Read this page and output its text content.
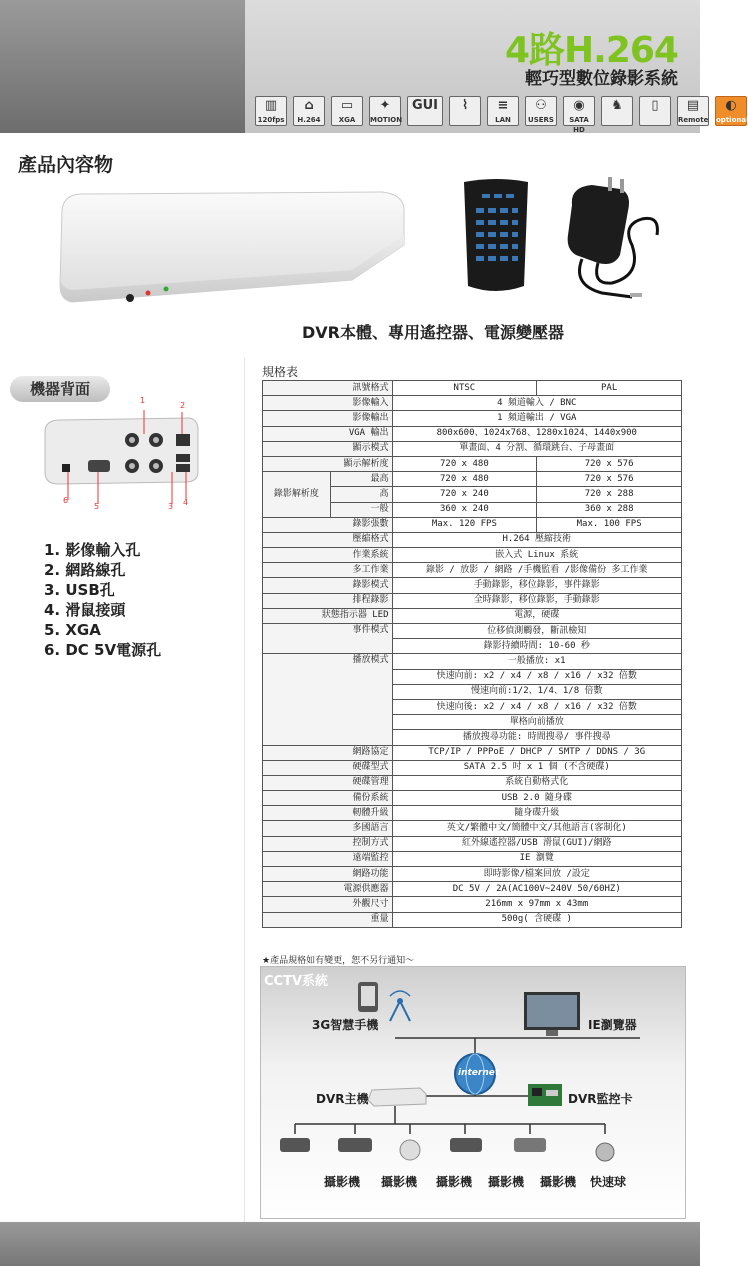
4路H.264
輕巧型數位錄影系統
▥
120fps
⌂
H.264
▭
XGA
✦
MOTION
GUI	⌇	≡
LAN
⚇
USERS
◉
SATA HD
♞	▯	▤
Remote
◐
optional
產品內容物
DVR本體、專用遙控器、電源變壓器
機器背面
1
2
6
5	3 4
1. 影像輸入孔
2. 網路線孔
3. USB孔
4. 滑鼠接頭
5. XGA
6. DC 5V電源孔
規格表
訊號格式		NTSC	PAL
影像輸入		4 頻道輸入 / BNC	
影像輸出		1 頻道輸出 / VGA	
VGA 輸出		800x600、1024x768、1280x1024、1440x900	
顯示模式		單畫面、4 分割、循環跳台、子母畫面	
顯示解析度		720 x 480	720 x 576
錄影解析度	最高	720 x 480	720 x 576
	高	720 x 240	720 x 288
	一般	360 x 240	360 x 288
錄影張數		Max. 120 FPS	Max. 100 FPS
壓縮格式		H.264 壓縮技術	
作業系統		嵌入式 Linux 系統	
多工作業		錄影 / 放影 / 網路 /手機監看 /影像備份 多工作業	
錄影模式		手動錄影，移位錄影，事件錄影	
排程錄影		全時錄影，移位錄影，手動錄影	
狀態指示器 LED		電源，硬碟	
事件模式		位移偵測觸發，斷訊檢知	
		錄影持續時間: 10-60 秒	
播放模式		一般播放: x1	
		快速向前: x2 / x4 / x8 / x16 / x32 倍數	
		慢速向前:1/2、1/4、1/8 倍數	
		快速向後: x2 / x4 / x8 / x16 / x32 倍數	
		單格向前播放	
		播放搜尋功能: 時間搜尋/ 事件搜尋	
網路協定		TCP/IP / PPPoE / DHCP / SMTP / DDNS / 3G	
硬碟型式		SATA 2.5 吋 x 1 個 (不含硬碟)	
硬碟管理		系統自動格式化	
備份系統		USB 2.0 隨身碟	
軔體升級		隨身碟升級	
多國語言		英文/繁體中文/簡體中文/其他語言(客制化)	
控制方式		紅外線遙控器/USB 滑鼠(GUI)/網路	
遠端監控		IE 瀏覽	
網路功能		即時影像/檔案回放 /設定	
電源供應器		DC 5V / 2A(AC100V~240V 50/60HZ)	
外觀尺寸		216mm x 97mm x 43mm	
重量		500g( 含硬碟 )	
★產品規格如有變更，恕不另行通知～
CCTV系統
3G智慧手機	IE瀏覽器
internet
DVR主機	DVR監控卡
攝影機 攝影機 攝影機 攝影機 攝影機 快速球
